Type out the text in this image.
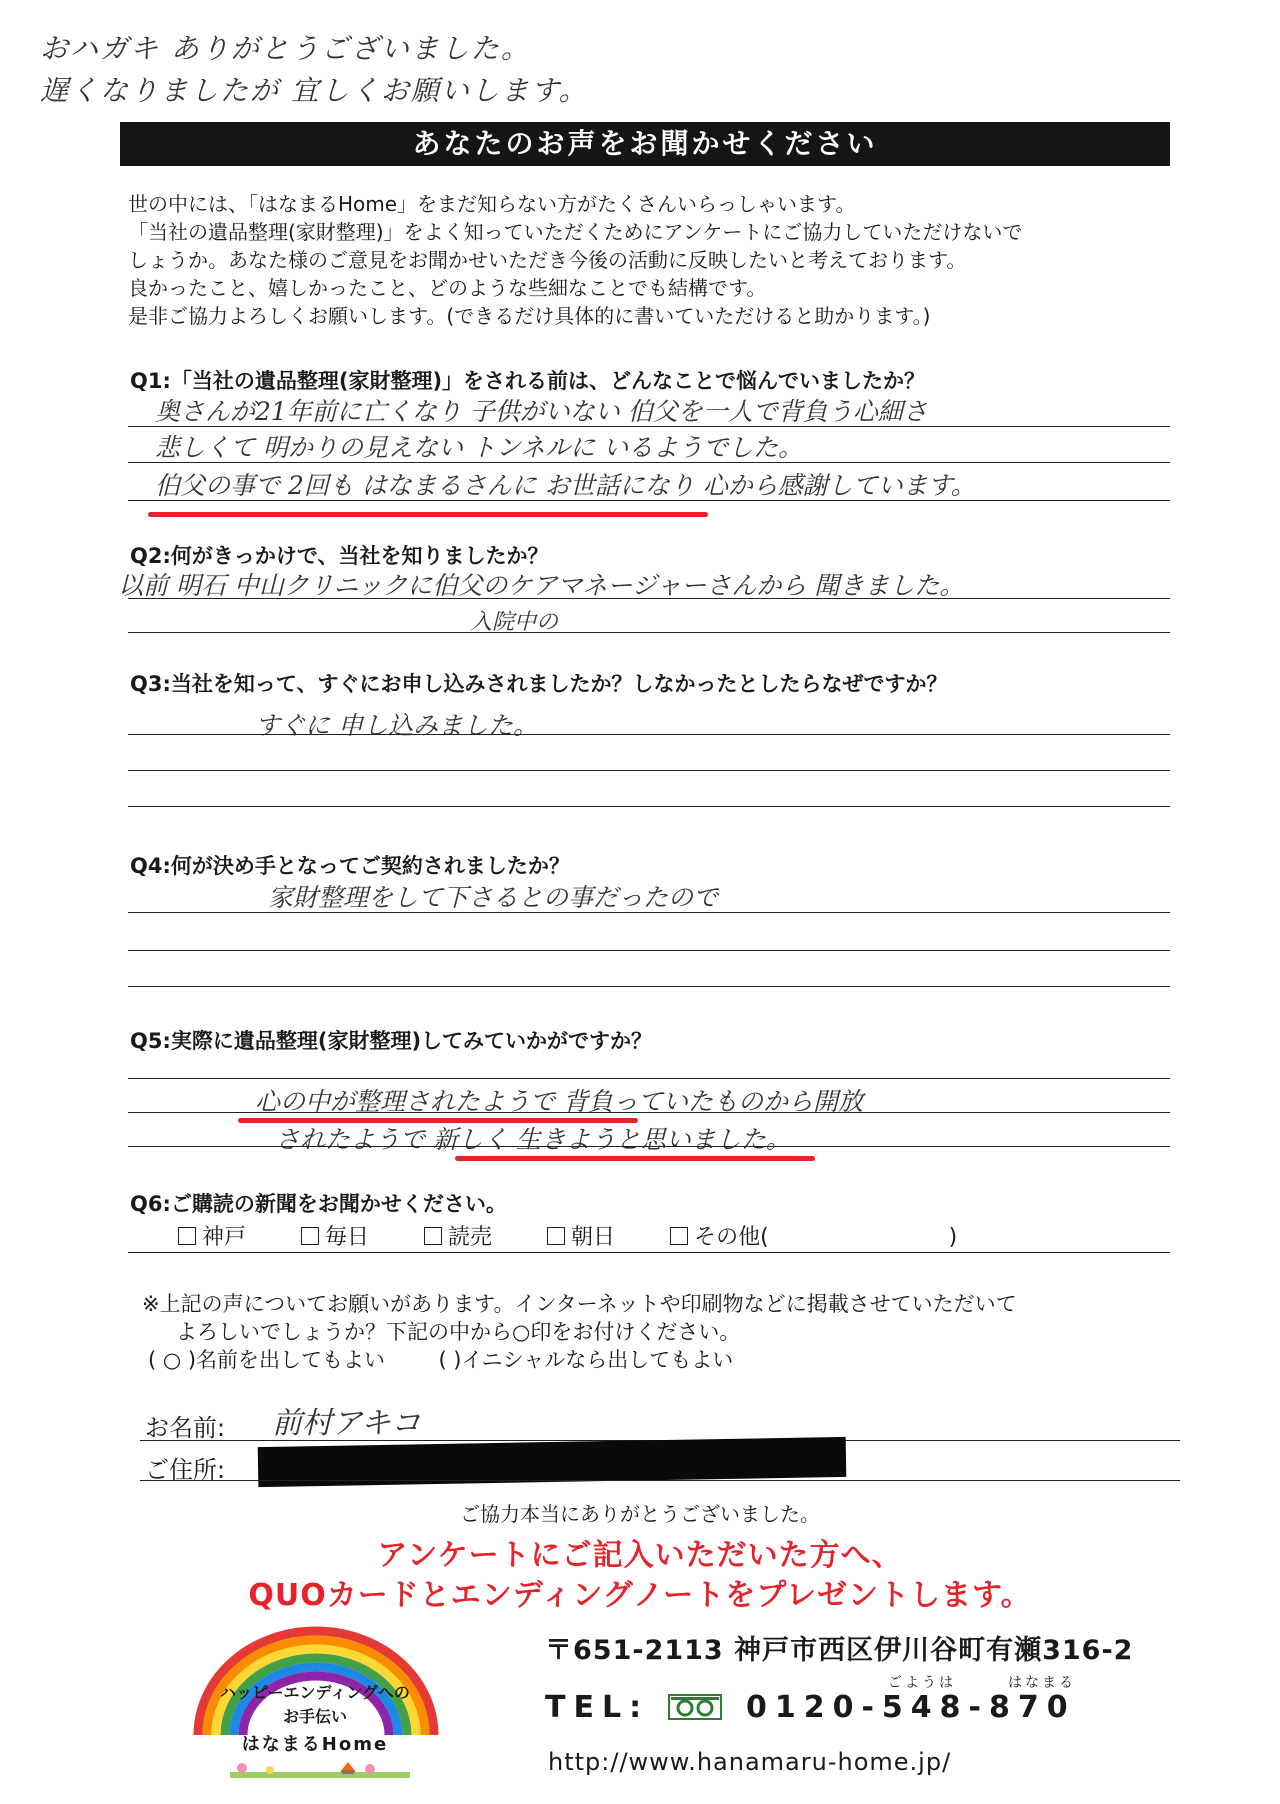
おハガキ ありがとうございました。
遅くなりましたが 宜しくお願いします。
あなたのお声をお聞かせください
世の中には、「はなまるHome」をまだ知らない方がたくさんいらっしゃいます。
「当社の遺品整理(家財整理)」をよく知っていただくためにアンケートにご協力していただけないで
しょうか。あなた様のご意見をお聞かせいただき今後の活動に反映したいと考えております。
良かったこと、嬉しかったこと、どのような些細なことでも結構です。
是非ご協力よろしくお願いします。(できるだけ具体的に書いていただけると助かります。)
Q1:「当社の遺品整理(家財整理)」をされる前は、どんなことで悩んでいましたか？
奥さんが21年前に亡くなり 子供がいない 伯父を一人で背負う心細さ
悲しくて 明かりの見えない トンネルに いるようでした。
伯父の事で 2回も はなまるさんに お世話になり 心から感謝しています。
Q2:何がきっかけで、当社を知りましたか？
以前 明石 中山クリニックに伯父のケアマネージャーさんから 聞きました。
入院中の
Q3:当社を知って、すぐにお申し込みされましたか？しなかったとしたらなぜですか？
すぐに 申し込みました。
Q4:何が決め手となってご契約されましたか？
家財整理をして下さるとの事だったので
Q5:実際に遺品整理(家財整理)してみていかがですか？
心の中が整理されたようで 背負っていたものから開放
されたようで 新しく 生きようと思いました。
Q6:ご購読の新聞をお聞かせください。
神戸	毎日	読売	朝日	その他(	)
※上記の声についてお願いがあります。インターネットや印刷物などに掲載させていただいて
よろしいでしょうか？下記の中から○印をお付けください。
( ○ )名前を出してもよい	( )イニシャルなら出してもよい
お名前: 前村アキコ
ご住所:
ご協力本当にありがとうございました。
アンケートにご記入いただいた方へ、
QUOカードとエンディングノートをプレゼントします。
ハッピーエンディングへの
お手伝い
はなまるHome
〒651-2113 神戸市西区伊川谷町有瀬316-2
ごようは	はなまる
TEL:	0120-548-870
http://www.hanamaru-home.jp/
